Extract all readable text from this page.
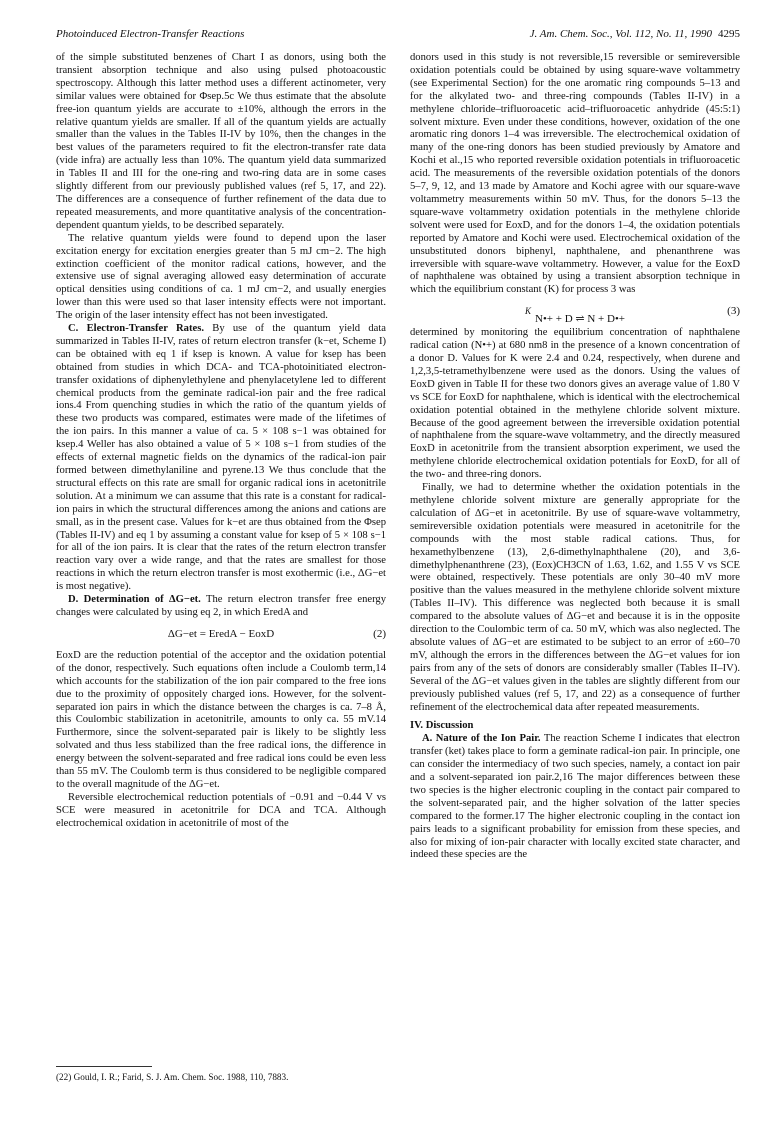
Photoinduced Electron-Transfer Reactions	J. Am. Chem. Soc., Vol. 112, No. 11, 1990 4295

of the simple substituted benzenes of Chart I as donors, using both the transient absorption technique and also using pulsed photoacoustic spectroscopy. Although this latter method uses a different actinometer, very similar values were obtained for Φsep.5c We thus estimate that the absolute free-ion quantum yields are accurate to ±10%, although the errors in the relative quantum yields are smaller. If all of the quantum yields are actually smaller than the values in the Tables II-IV by 10%, then the changes in the best values of the parameters required to fit the electron-transfer rate data (vide infra) are actually less than 10%. The quantum yield data summarized in Tables II and III for the one-ring and two-ring data are in some cases slightly different from our previously published values (ref 5, 17, and 22). The differences are a consequence of further refinement of the data due to repeated measurements, and more quantitative analysis of the concentration-dependent quantum yields, to be described separately.

The relative quantum yields were found to depend upon the laser excitation energy for excitation energies greater than 5 mJ cm−2. The high extinction coefficient of the monitor radical cations, however, and the extensive use of signal averaging allowed easy determination of accurate optical densities using conditions of ca. 1 mJ cm−2, and usually energies lower than this were used so that laser intensity effects were not important. The origin of the laser intensity effect has not been investigated.

C. Electron-Transfer Rates. By use of the quantum yield data summarized in Tables II-IV, rates of return electron transfer (k−et, Scheme I) can be obtained with eq 1 if ksep is known. A value for ksep has been obtained from studies in which DCA- and TCA-photoinitiated electron-transfer oxidations of diphenylethylene and phenylacetylene led to different chemical products from the geminate radical-ion pair and the free radical ions.4 From quenching studies in which the ratio of the quantum yields of these two products was compared, estimates were made of the lifetimes of the ion pairs. In this manner a value of ca. 5 × 108 s−1 was obtained for ksep.4 Weller has also obtained a value of 5 × 108 s−1 from studies of the effects of external magnetic fields on the dynamics of the radical-ion pair formed between dimethylaniline and pyrene.13 We thus conclude that the structural effects on this rate are small for organic radical ions in acetonitrile solution. At a minimum we can assume that this rate is a constant for radical-ion pairs in which the structural differences among the anions and cations are small, as in the present case. Values for k−et are thus obtained from the Φsep (Tables II-IV) and eq 1 by assuming a constant value for ksep of 5 × 108 s−1 for all of the ion pairs. It is clear that the rates of the return electron transfer reaction vary over a wide range, and that the rates are smallest for those reactions in which the return electron transfer is most exothermic (i.e., ΔG−et is most negative).

D. Determination of ΔG−et. The return electron transfer free energy changes were calculated by using eq 2, in which EredA and

ΔG−et = EredA − EoxD	(2)

EoxD are the reduction potential of the acceptor and the oxidation potential of the donor, respectively. Such equations often include a Coulomb term,14 which accounts for the stabilization of the ion pair compared to the free ions due to the proximity of oppositely charged ions. However, for the solvent-separated ion pairs in which the distance between the charges is ca. 7–8 Å, this Coulombic stabilization in acetonitrile, amounts to only ca. 55 mV.14 Furthermore, since the solvent-separated pair is likely to be slightly less solvated and thus less stabilized than the free radical ions, the difference in energy between the solvent-separated and free radical ions could be even less than 55 mV. The Coulomb term is thus considered to be negligible compared to the overall magnitude of the ΔG−et.

Reversible electrochemical reduction potentials of −0.91 and −0.44 V vs SCE were measured in acetonitrile for DCA and TCA. Although electrochemical oxidation in acetonitrile of most of the

donors used in this study is not reversible,15 reversible or semireversible oxidation potentials could be obtained by using square-wave voltammetry (see Experimental Section) for the one aromatic ring compounds 5–13 and for the alkylated two- and three-ring compounds (Tables II-IV) in a methylene chloride–trifluoroacetic acid–trifluoroacetic anhydride (45:5:1) solvent mixture. Even under these conditions, however, oxidation of the one aromatic ring donors 1–4 was irreversible. The electrochemical oxidation of many of the one-ring donors has been studied previously by Amatore and Kochi et al.,15 who reported reversible oxidation potentials in trifluoroacetic acid. The measurements of the reversible oxidation potentials of the donors 5–7, 9, 12, and 13 made by Amatore and Kochi agree with our square-wave voltammetry measurements within 50 mV. Thus, for the donors 5–13 the square-wave voltammetry oxidation potentials in the methylene chloride solvent were used for EoxD, and for the donors 1–4, the oxidation potentials reported by Amatore and Kochi were used. Electrochemical oxidation of the unsubstituted donors biphenyl, naphthalene, and phenanthrene was irreversible with square-wave voltammetry. However, a value for the EoxD of naphthalene was obtained by using a transient absorption technique in which the equilibrium constant (K) for process 3 was

$^K$N•+ + D ⇌ N + D•+
(3)

determined by monitoring the equilibrium concentration of naphthalene radical cation (N•+) at 680 nm8 in the presence of a known concentration of a donor D. Values for K were 2.4 and 0.24, respectively, when durene and 1,2,3,5-tetramethylbenzene were used as the donors. Using the values of EoxD given in Table II for these two donors gives an average value of 1.80 V vs SCE for EoxD for naphthalene, which is identical with the electrochemical oxidation potential obtained in the methylene chloride solvent mixture. Because of the good agreement between the irreversible oxidation potential of naphthalene from the square-wave voltammetry, and the directly measured EoxD in acetonitrile from the transient absorption experiment, we used the methylene chloride electrochemical oxidation potentials for EoxD, for all of the two- and three-ring donors.

Finally, we had to determine whether the oxidation potentials in the methylene chloride solvent mixture are generally appropriate for the calculation of ΔG−et in acetonitrile. By use of square-wave voltammetry, semireversible oxidation potentials were measured in acetonitrile for the compounds with the most stable radical cations. Thus, for hexamethylbenzene (13), 2,6-dimethylnaphthalene (20), and 3,6-dimethylphenanthrene (23), (Eox)CH3CN of 1.63, 1.62, and 1.55 V vs SCE were obtained, respectively. These potentials are only 30–40 mV more positive than the values measured in the methylene chloride solvent mixture (Tables II–IV). This difference was neglected both because it is small compared to the absolute values of ΔG−et and because it is in the opposite direction to the Coulombic term of ca. 50 mV, which was also neglected. The absolute values of ΔG−et are estimated to be subject to an error of ±60–70 mV, although the errors in the differences between the ΔG−et values for ion pairs from any of the sets of donors are considerably smaller (Tables II–IV). Several of the ΔG−et values given in the tables are slightly different from our previously published values (ref 5, 17, and 22) as a consequence of further refinement of the electrochemical data after repeated measurements.

IV. Discussion

A. Nature of the Ion Pair. The reaction Scheme I indicates that electron transfer (ket) takes place to form a geminate radical-ion pair. In principle, one can consider the intermediacy of two such species, namely, a contact ion pair and a solvent-separated ion pair.2,16 The major differences between these two species is the higher electronic coupling in the contact pair compared to the solvent-separated pair, and the higher solvation of the latter species compared to the former.17 The higher electronic coupling in the contact ion pairs leads to a significant probability for emission from these species, and also for mixing of ion-pair character with locally excited state character, and indeed these species are the

(22) Gould, I. R.; Farid, S. J. Am. Chem. Soc. 1988, 110, 7883.
